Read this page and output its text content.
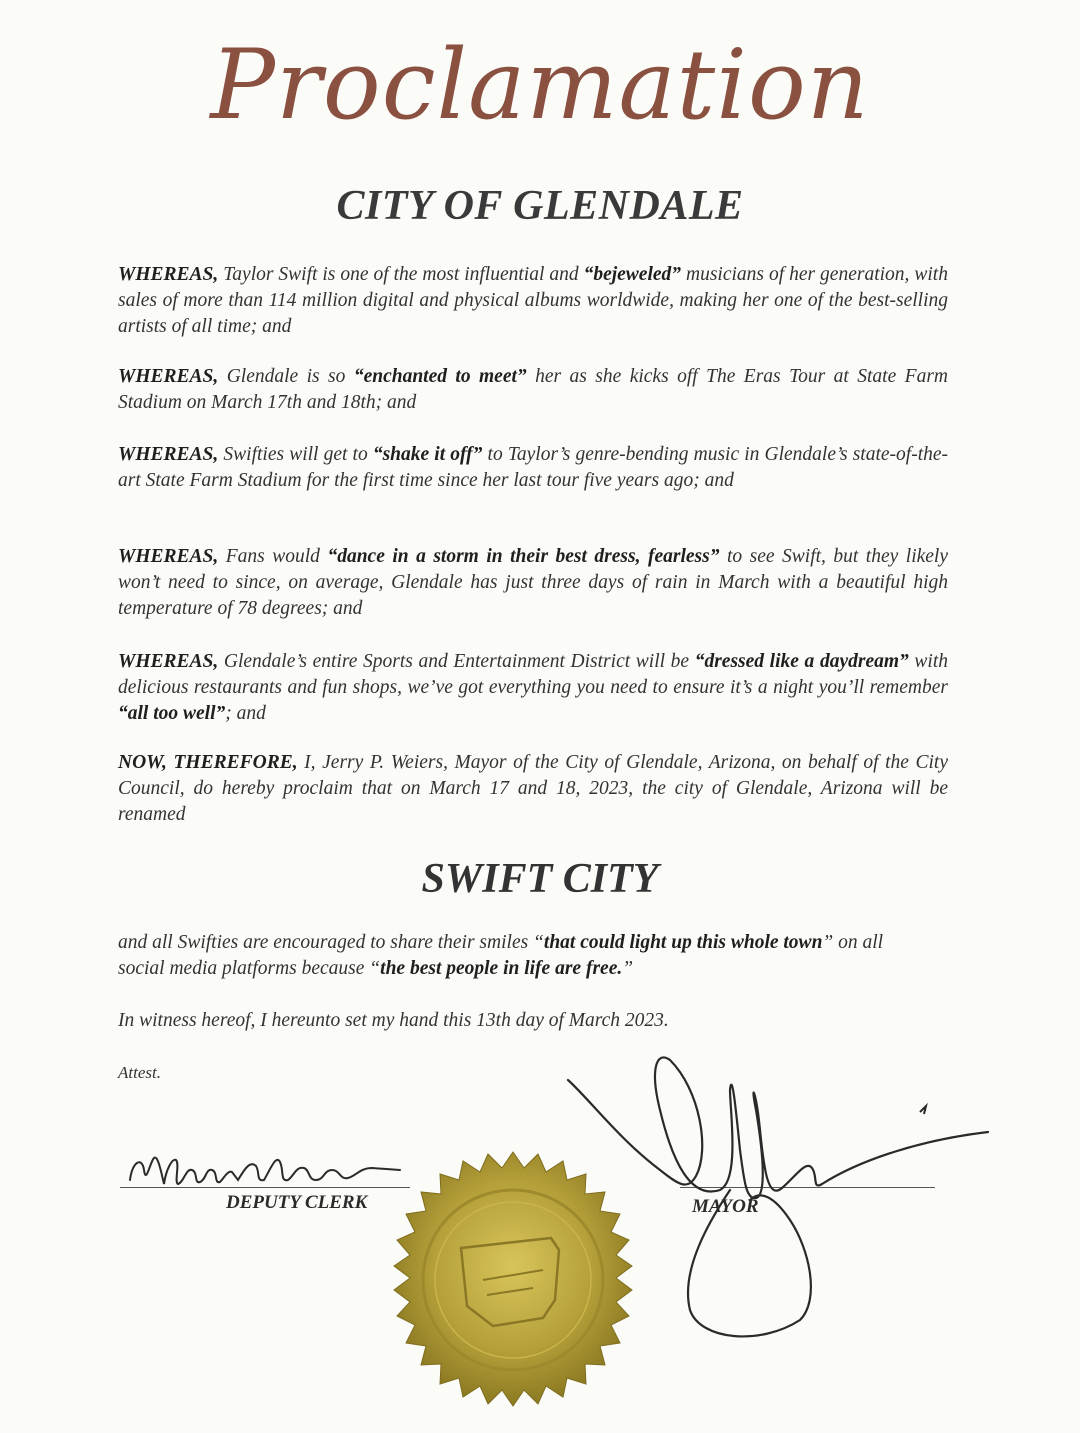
Proclamation
CITY OF GLENDALE
WHEREAS, Taylor Swift is one of the most influential and “bejeweled” musicians of her generation, with sales of more than 114 million digital and physical albums worldwide, making her one of the best-selling artists of all time; and
WHEREAS, Glendale is so “enchanted to meet” her as she kicks off The Eras Tour at State Farm Stadium on March 17th and 18th; and
WHEREAS, Swifties will get to “shake it off” to Taylor’s genre-bending music in Glendale’s state-of-the-art State Farm Stadium for the first time since her last tour five years ago; and
WHEREAS, Fans would “dance in a storm in their best dress, fearless” to see Swift, but they likely won’t need to since, on average, Glendale has just three days of rain in March with a beautiful high temperature of 78 degrees; and
WHEREAS, Glendale’s entire Sports and Entertainment District will be “dressed like a daydream” with delicious restaurants and fun shops, we’ve got everything you need to ensure it’s a night you’ll remember “all too well”; and
NOW, THEREFORE, I, Jerry P. Weiers, Mayor of the City of Glendale, Arizona, on behalf of the City Council, do hereby proclaim that on March 17 and 18, 2023, the city of Glendale, Arizona will be renamed
SWIFT CITY
and all Swifties are encouraged to share their smiles “that could light up this whole town” on all social media platforms because “the best people in life are free.”
In witness hereof, I hereunto set my hand this 13th day of March 2023.
Attest.
DEPUTY CLERK	MAYOR
